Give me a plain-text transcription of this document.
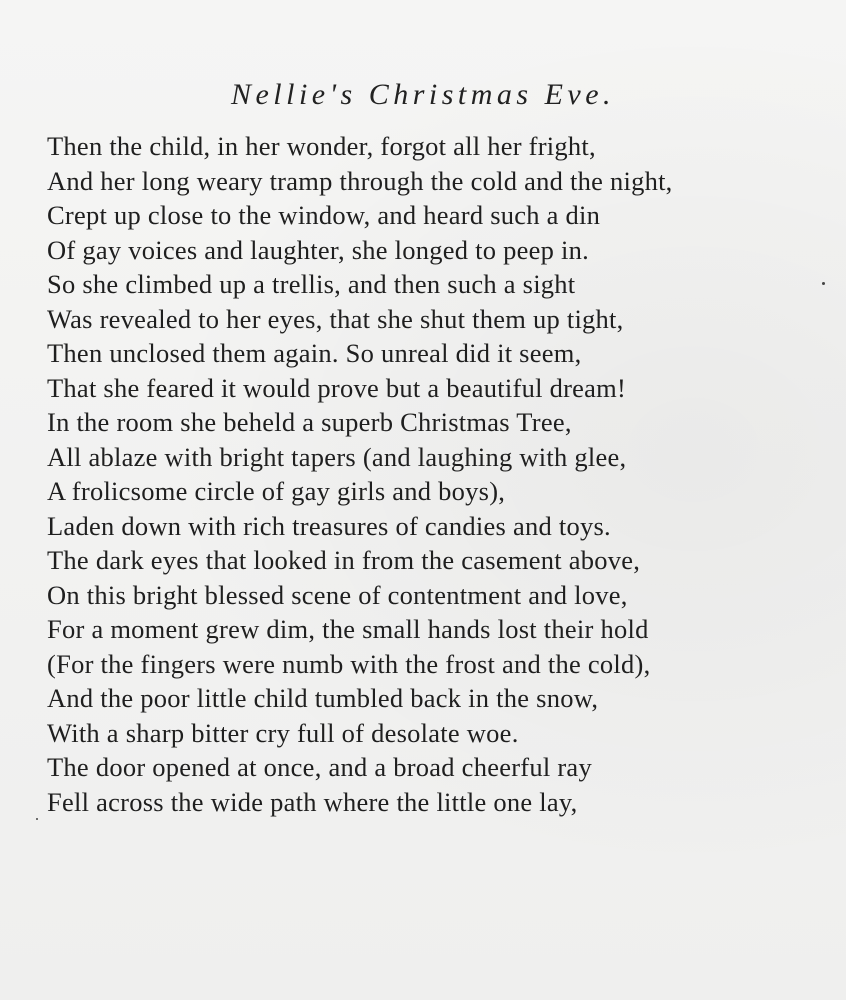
Nellie's Christmas Eve.
Then the child, in her wonder, forgot all her fright,
And her long weary tramp through the cold and the night,
Crept up close to the window, and heard such a din
Of gay voices and laughter, she longed to peep in.
So she climbed up a trellis, and then such a sight
Was revealed to her eyes, that she shut them up tight,
Then unclosed them again. So unreal did it seem,
That she feared it would prove but a beautiful dream!
In the room she beheld a superb Christmas Tree,
All ablaze with bright tapers (and laughing with glee,
A frolicsome circle of gay girls and boys),
Laden down with rich treasures of candies and toys.
The dark eyes that looked in from the casement above,
On this bright blessed scene of contentment and love,
For a moment grew dim, the small hands lost their hold
(For the fingers were numb with the frost and the cold),
And the poor little child tumbled back in the snow,
With a sharp bitter cry full of desolate woe.
The door opened at once, and a broad cheerful ray
Fell across the wide path where the little one lay,
